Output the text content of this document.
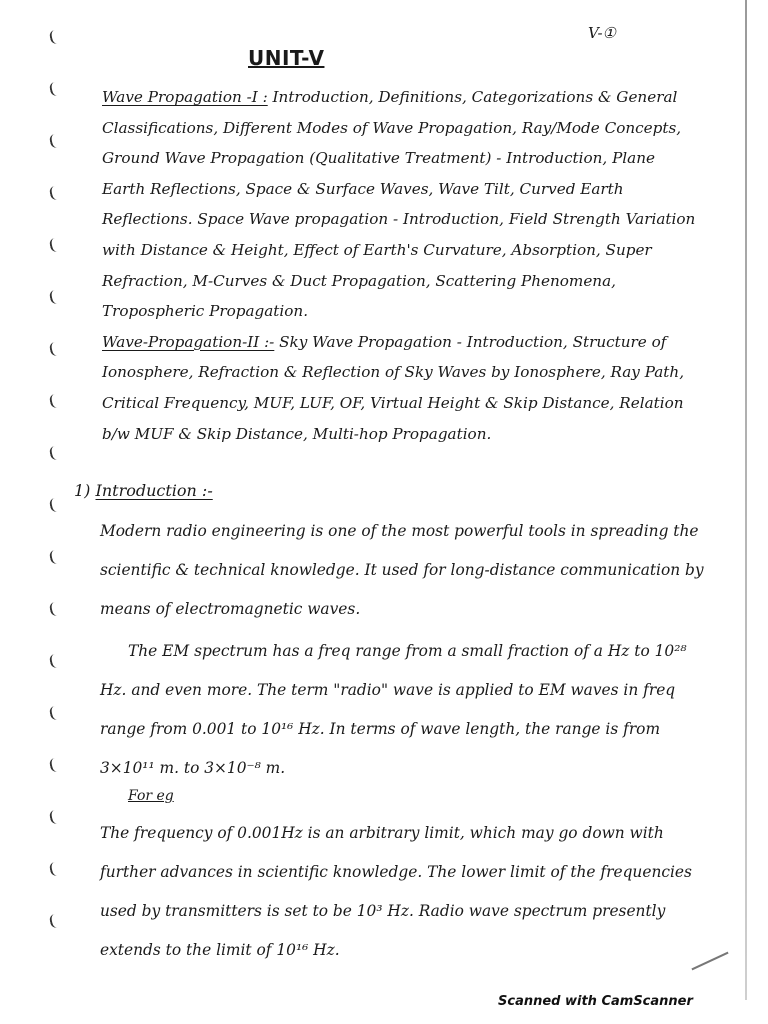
V-①
UNIT-V

Wave Propagation -I : Introduction, Definitions, Categorizations & General Classifications, Different Modes of Wave Propagation, Ray/Mode Concepts, Ground Wave Propagation (Qualitative Treatment) - Introduction, Plane Earth Reflections, Space & Surface Waves, Wave Tilt, Curved Earth Reflections. Space Wave propagation - Introduction, Field Strength Variation with Distance & Height, Effect of Earth's Curvature, Absorption, Super Refraction, M-Curves & Duct Propagation, Scattering Phenomena, Tropospheric Propagation.

Wave-Propagation-II :- Sky Wave Propagation - Introduction, Structure of Ionosphere, Refraction & Reflection of Sky Waves by Ionosphere, Ray Path, Critical Frequency, MUF, LUF, OF, Virtual Height & Skip Distance, Relation b/w MUF & Skip Distance, Multi-hop Propagation.

1) Introduction :-

Modern radio engineering is one of the most powerful tools in spreading the scientific & technical knowledge. It used for long-distance communication by means of electromagnetic waves.

The EM spectrum has a freq range from a small fraction of a Hz to 10²⁸ Hz. and even more. The term "radio" wave is applied to EM waves in freq range from 0.001 to 10¹⁶ Hz. In terms of wave length, the range is from 3×10¹¹ m. to 3×10⁻⁸ m.

For eg

The frequency of 0.001Hz is an arbitrary limit, which may go down with further advances in scientific knowledge. The lower limit of the frequencies used by transmitters is set to be 10³ Hz. Radio wave spectrum presently extends to the limit of 10¹⁶ Hz.

Scanned with CamScanner
